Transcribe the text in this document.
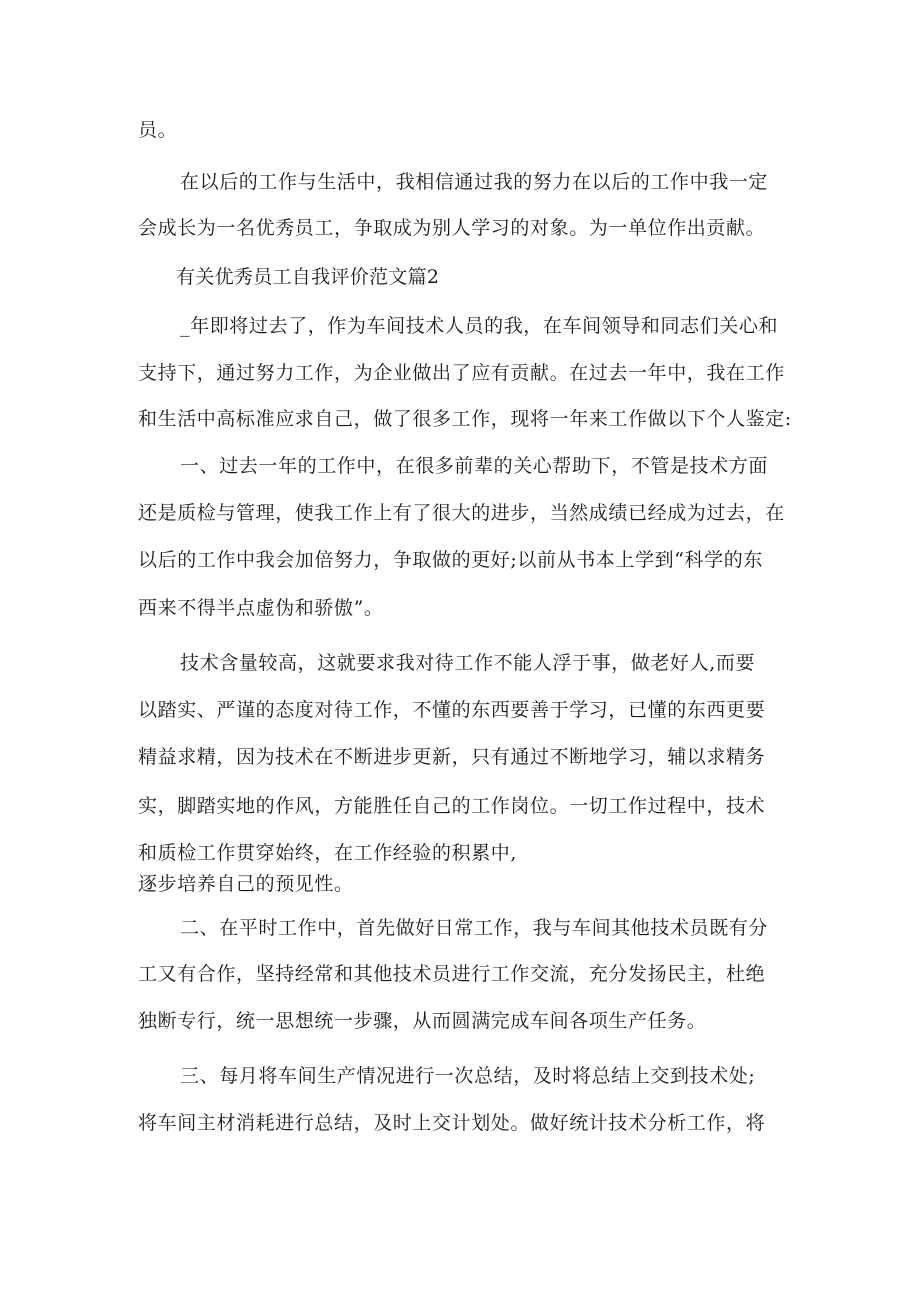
员。
在以后的工作与生活中，我相信通过我的努力在以后的工作中我一定
会成长为一名优秀员工，争取成为别人学习的对象。为一单位作出贡献。
有关优秀员工自我评价范文篇2
_年即将过去了，作为车间技术人员的我，在车间领导和同志们关心和
支持下，通过努力工作，为企业做出了应有贡献。在过去一年中，我在工作
和生活中高标准应求自己，做了很多工作，现将一年来工作做以下个人鉴定:
一、过去一年的工作中，在很多前辈的关心帮助下，不管是技术方面
还是质检与管理，使我工作上有了很大的进步，当然成绩已经成为过去，在
以后的工作中我会加倍努力，争取做的更好;以前从书本上学到“科学的东
西来不得半点虚伪和骄傲”。
技术含量较高，这就要求我对待工作不能人浮于事，做老好人,而要
以踏实、严谨的态度对待工作，不懂的东西要善于学习，已懂的东西更要
精益求精，因为技术在不断进步更新，只有通过不断地学习，辅以求精务
实，脚踏实地的作风，方能胜任自己的工作岗位。一切工作过程中，技术
和质检工作贯穿始终，在工作经验的积累中,
逐步培养自己的预见性。
二、在平时工作中，首先做好日常工作，我与车间其他技术员既有分
工又有合作，坚持经常和其他技术员进行工作交流，充分发扬民主，杜绝
独断专行，统一思想统一步骤，从而圆满完成车间各项生产任务。
三、每月将车间生产情况进行一次总结，及时将总结上交到技术处;
将车间主材消耗进行总结，及时上交计划处。做好统计技术分析工作，将
